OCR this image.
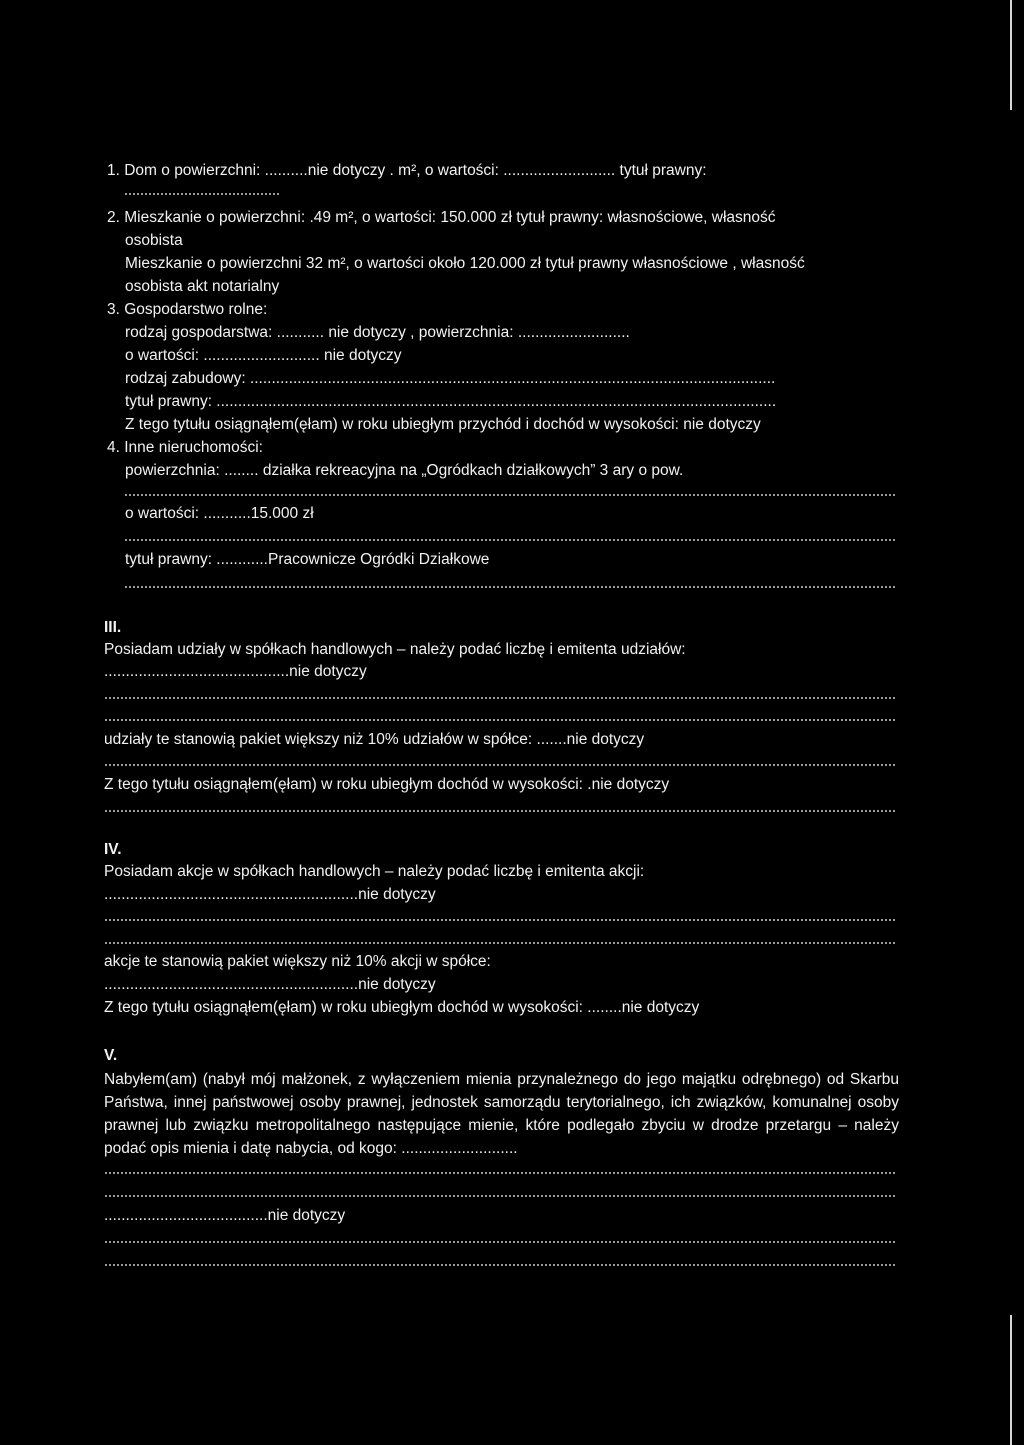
1. Dom o powierzchni: ..........nie dotyczy . m², o wartości: .......................... tytuł prawny:
2. Mieszkanie o powierzchni: .49 m², o wartości: 150.000 zł tytuł prawny: własnościowe, własność
osobista
Mieszkanie o powierzchni 32 m², o wartości około 120.000 zł tytuł prawny własnościowe , własność
osobista akt notarialny
3. Gospodarstwo rolne:
rodzaj gospodarstwa: ........... nie dotyczy , powierzchnia: ..........................
o wartości: ........................... nie dotyczy
rodzaj zabudowy: ..........................................................................................................................
tytuł prawny: ..................................................................................................................................
Z tego tytułu osiągnąłem(ęłam) w roku ubiegłym przychód i dochód w wysokości: nie dotyczy
4. Inne nieruchomości:
powierzchnia: ........ działka rekreacyjna na „Ogródkach działkowych” 3 ary o pow.
o wartości: ...........15.000 zł
tytuł prawny: ............Pracownicze Ogródki Działkowe
III.
Posiadam udziały w spółkach handlowych – należy podać liczbę i emitenta udziałów:
...........................................nie dotyczy
udziały te stanowią pakiet większy niż 10% udziałów w spółce: .......nie dotyczy
Z tego tytułu osiągnąłem(ęłam) w roku ubiegłym dochód w wysokości: .nie dotyczy
IV.
Posiadam akcje w spółkach handlowych – należy podać liczbę i emitenta akcji:
...........................................................nie dotyczy
akcje te stanowią pakiet większy niż 10% akcji w spółce:
...........................................................nie dotyczy
Z tego tytułu osiągnąłem(ęłam) w roku ubiegłym dochód w wysokości: ........nie dotyczy
V.
Nabyłem(am) (nabył mój małżonek, z wyłączeniem mienia przynależnego do jego majątku odrębnego) od Skarbu Państwa, innej państwowej osoby prawnej, jednostek samorządu terytorialnego, ich związków, komunalnej osoby prawnej lub związku metropolitalnego następujące mienie, które podlegało zbyciu w drodze przetargu – należy podać opis mienia i datę nabycia, od kogo: ...........................
......................................nie dotyczy
